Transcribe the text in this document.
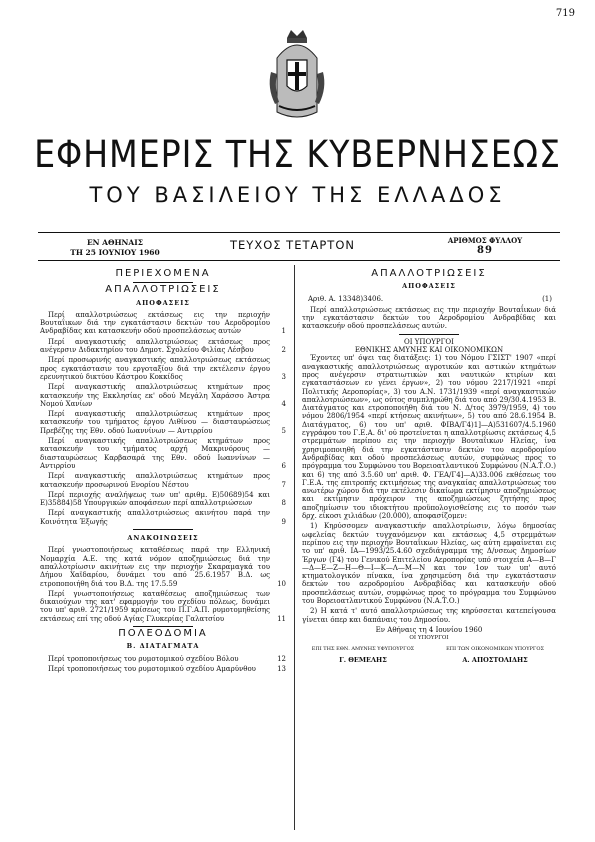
719
ΕΦΗΜΕΡΙΣ ΤΗΣ ΚΥΒΕΡΝΗΣΕΩΣ
ΤΟΥ ΒΑΣΙΛΕΙΟΥ ΤΗΣ ΕΛΛΑΔΟΣ
ΕΝ ΑΘΗΝΑΙΣ
ΤΗ 25 ΙΟΥΝΙΟΥ 1960
ΤΕΥΧΟΣ ΤΕΤΑΡΤΟΝ	ΑΡΙΘΜΟΣ ΦΥΛΛΟΥ
89
ΠΕΡΙΕΧΟΜΕΝΑ
ΑΠΑΛΛΟΤΡΙΩΣΕΙΣ
ΑΠΟΦΑΣΕΙΣ
Περί απαλλοτριώσεως εκτάσεως εις την περιοχήν Βουταΐικων διά την εγκατάστασιν δεκτών του Αεροδρομίου Ανδραβίδας και κατασκευήν οδού προσπελάσεως αυτών	1
Περί αναγκαστικής απαλλοτριώσεως εκτάσεως προς ανέγερσιν Διδακτηρίου του Δημοτ. Σχολείου Φιλίας Λέσβου	2
Περί προσωρινής αναγκαστικής απαλλοτριώσεως εκτάσεως προς εγκατάστασιν του εργοταξίου διά την εκτέλεσιν έργου ερευνητικού δικτύου Κάστρου Κοκκίδος	3
Περί αναγκαστικής απαλλοτριώσεως κτημάτων προς κατασκευήν της Εκκλησίας εκ' οδού Μεγάλη Χαράσσο Άστρα Νομού Χανίων	4
Περί αναγκαστικής απαλλοτριώσεως κτημάτων προς κατασκευήν του τμήματος έργου Λιθίνου — διασταυρώσεως Πρεβέζης της Εθν. οδού Ιωαννίνων — Αντιρρίου	5
Περί αναγκαστικής απαλλοτριώσεως κτημάτων προς κατασκευήν του τμήματος αρχή Μακρινόρους — διασταυρώσεως Καρβασαρά της Εθν. οδού Ιωαννίνων — Αντιρρίου	6
Περί αναγκαστικής απαλλοτριώσεως κτημάτων προς κατασκευήν προσωρινού Ενορίου Νέστου	7
Περί περιοχής αναλήψεως των υπ' αριθμ. Ε)50689)54 και Ε)35884)58 Υπουργικών αποφάσεων περί απαλλοτριώσεων	8
Περί αναγκαστικής απαλλοτριώσεως ακινήτου παρά την Κοινότητα Έξωγής	9
ΑΝΑΚΟΙΝΩΣΕΙΣ
Περί γνωστοποιήσεως καταθέσεως παρά την Ελληνική Νομαρχία Α.Ε. της κατά νόμον αποζημιώσεως διά την απαλλοτρίωσιν ακινήτων εις την περιοχήν Σκαραμαγκά του Δήμου Χαϊδαρίου, δυνάμει του από 25.6.1957 Β.Δ. ως ετροποποιήθη διά του Β.Δ. της 17.5.59	10
Περί γνωστοποιήσεως καταθέσεως αποζημιώσεως των δικαιούχων της κατ' εφαρμογήν του σχεδίου πόλεως, δυνάμει του υπ' αριθ. 2721/1959 κρίσεως του Π.Γ.Α.Π. ρυμοτομηθείσης εκτάσεως επί της οδού Αγίας Γλυκερίας Γαλατσίου	11
ΠΟΛΕΟΔΟΜΙΑ
Β. ΔΙΑΤΑΓΜΑΤΑ
Περί τροποποιήσεως του ρυμοτομικού σχεδίου Βόλου	12
Περί τροποποιήσεως του ρυμοτομικού σχεδίου Αμαρύνθου	13
ΑΠΑΛΛΟΤΡΙΩΣΕΙΣ
ΑΠΟΦΑΣΕΙΣ
Αριθ. Α. 13348)3406.	(1)
Περί απαλλοτριώσεως εκτάσεως εις την περιοχήν Βουταΐικων διά την εγκατάστασιν δεκτών του Αεροδρομίου Ανδραβίδας και κατασκευήν οδού προσπελάσεως αυτών.
ΟΙ ΥΠΟΥΡΓΟΙ
ΕΘΝΙΚΗΣ ΑΜΥΝΗΣ ΚΑΙ ΟΙΚΟΝΟΜΙΚΩΝ
Έχοντες υπ' όψει τας διατάξεις: 1) του Νόμου ΓΣΙΣΤ' 1907 «περί αναγκαστικής απαλλοτριώσεως αγροτικών και αστικών κτημάτων προς ανέγερσιν στρατιωτικών και ναυτικών κτιρίων και εγκαταστάσεων εν γένει έργων», 2) του νόμου 2217/1921 «περί Πολιτικής Αεροπορίας», 3) του Α.Ν. 1731/1939 «περί αναγκαστικών απαλλοτριώσεων», ως ούτος συμπληρώθη διά του από 29/30.4.1953 Β. Διατάγματος και ετροποποιήθη διά του Ν. Δ/τος 3979/1959, 4) του νόμου 2806/1954 «περί κτήσεως ακινήτων», 5) του από 28.6.1954 Β. Διατάγματος, 6) του υπ' αριθ. ΦΙΒΑ/Γ4)1]—Α)531607/4.5.1960 εγγράφου του Γ.Ε.Α. δι' ού προτείνεται η απαλλοτρίωσις εκτάσεως 4,5 στρεμμάτων περίπου εις την περιοχήν Βουταΐικων Ηλείας, ίνα χρησιμοποιηθή διά την εγκατάστασιν δεκτών του αεροδρομίου Ανδραβίδας και οδού προσπελάσεως αυτών, συμφώνως προς το πρόγραμμα του Συμφώνου του Βορειοατλαντικού Συμφώνου (Ν.Α.Τ.Ο.) και 6) της από 3.5.60 υπ' αριθ. Φ. ΓΕΑ/Γ4]—Α)33.006 εκθέσεως του Γ.Ε.Α. της επιτροπής εκτιμήσεως της αναγκαίας απαλλοτριώσεως του ανωτέρω χώρου διά την εκτέλεσιν δικαίωμα εκτίμησιν αποζημιώσεως και εκτίμησιν πρόχειρον της αποζημιώσεως ζητήσης προς αποζημίωσιν του ιδιοκτήτου προϋπολογισθείσης εις το ποσόν των δρχ. είκοσι χιλιάδων (20.000), αποφασίζομεν:
1) Κηρύσσομεν αναγκαστικήν απαλλοτρίωσιν, λόγω δημοσίας ωφελείας δεκτών τυγχανόμενον και εκτάσεως 4,5 στρεμμάτων περίπου εις την περιοχήν Βουταΐικων Ηλείας, ως αύτη εμφαίνεται εις το υπ' αριθ. ΙΑ—1993/25.4.60 σχεδιάγραμμα της Δ/νσεως Δημοσίων Έργων (Γ4) του Γενικού Επιτελείου Αεροπορίας υπό στοιχεία Α—Β—Γ—Δ—Ε—Ζ—Η—Θ—Ι—Κ—Λ—Μ—Ν και τον 1ον των υπ' αυτό κτηματολογικόν πίνακα, ίνα χρησιμεύση διά την εγκατάστασιν δεκτών του αεροδρομίου Ανδραβίδας και κατασκευήν οδού προσπελάσεως αυτών, συμφώνως προς το πρόγραμμα του Συμφώνου του Βορειοατλαντικού Συμφώνου (Ν.Α.Τ.Ο.)
2) Η κατά τ' αυτό απαλλοτριώσεως της κηρύσσεται κατεπείγουσα γίνεται όπερ και δαπάναις του Δημοσίου.
Εν Αθήναις τη 4 Ιουνίου 1960
ΟΙ ΥΠΟΥΡΓΟΙ
ΕΠΙ ΤΗΣ ΕΘΝ. ΑΜΥΝΗΣ ΥΦΥΠΟΥΡΓΟΣ
Γ. ΘΕΜΕΛΗΣ
ΕΠΙ ΤΩΝ ΟΙΚΟΝΟΜΙΚΩΝ ΥΠΟΥΡΓΟΣ
Α. ΑΠΟΣΤΟΛΙΔΗΣ
